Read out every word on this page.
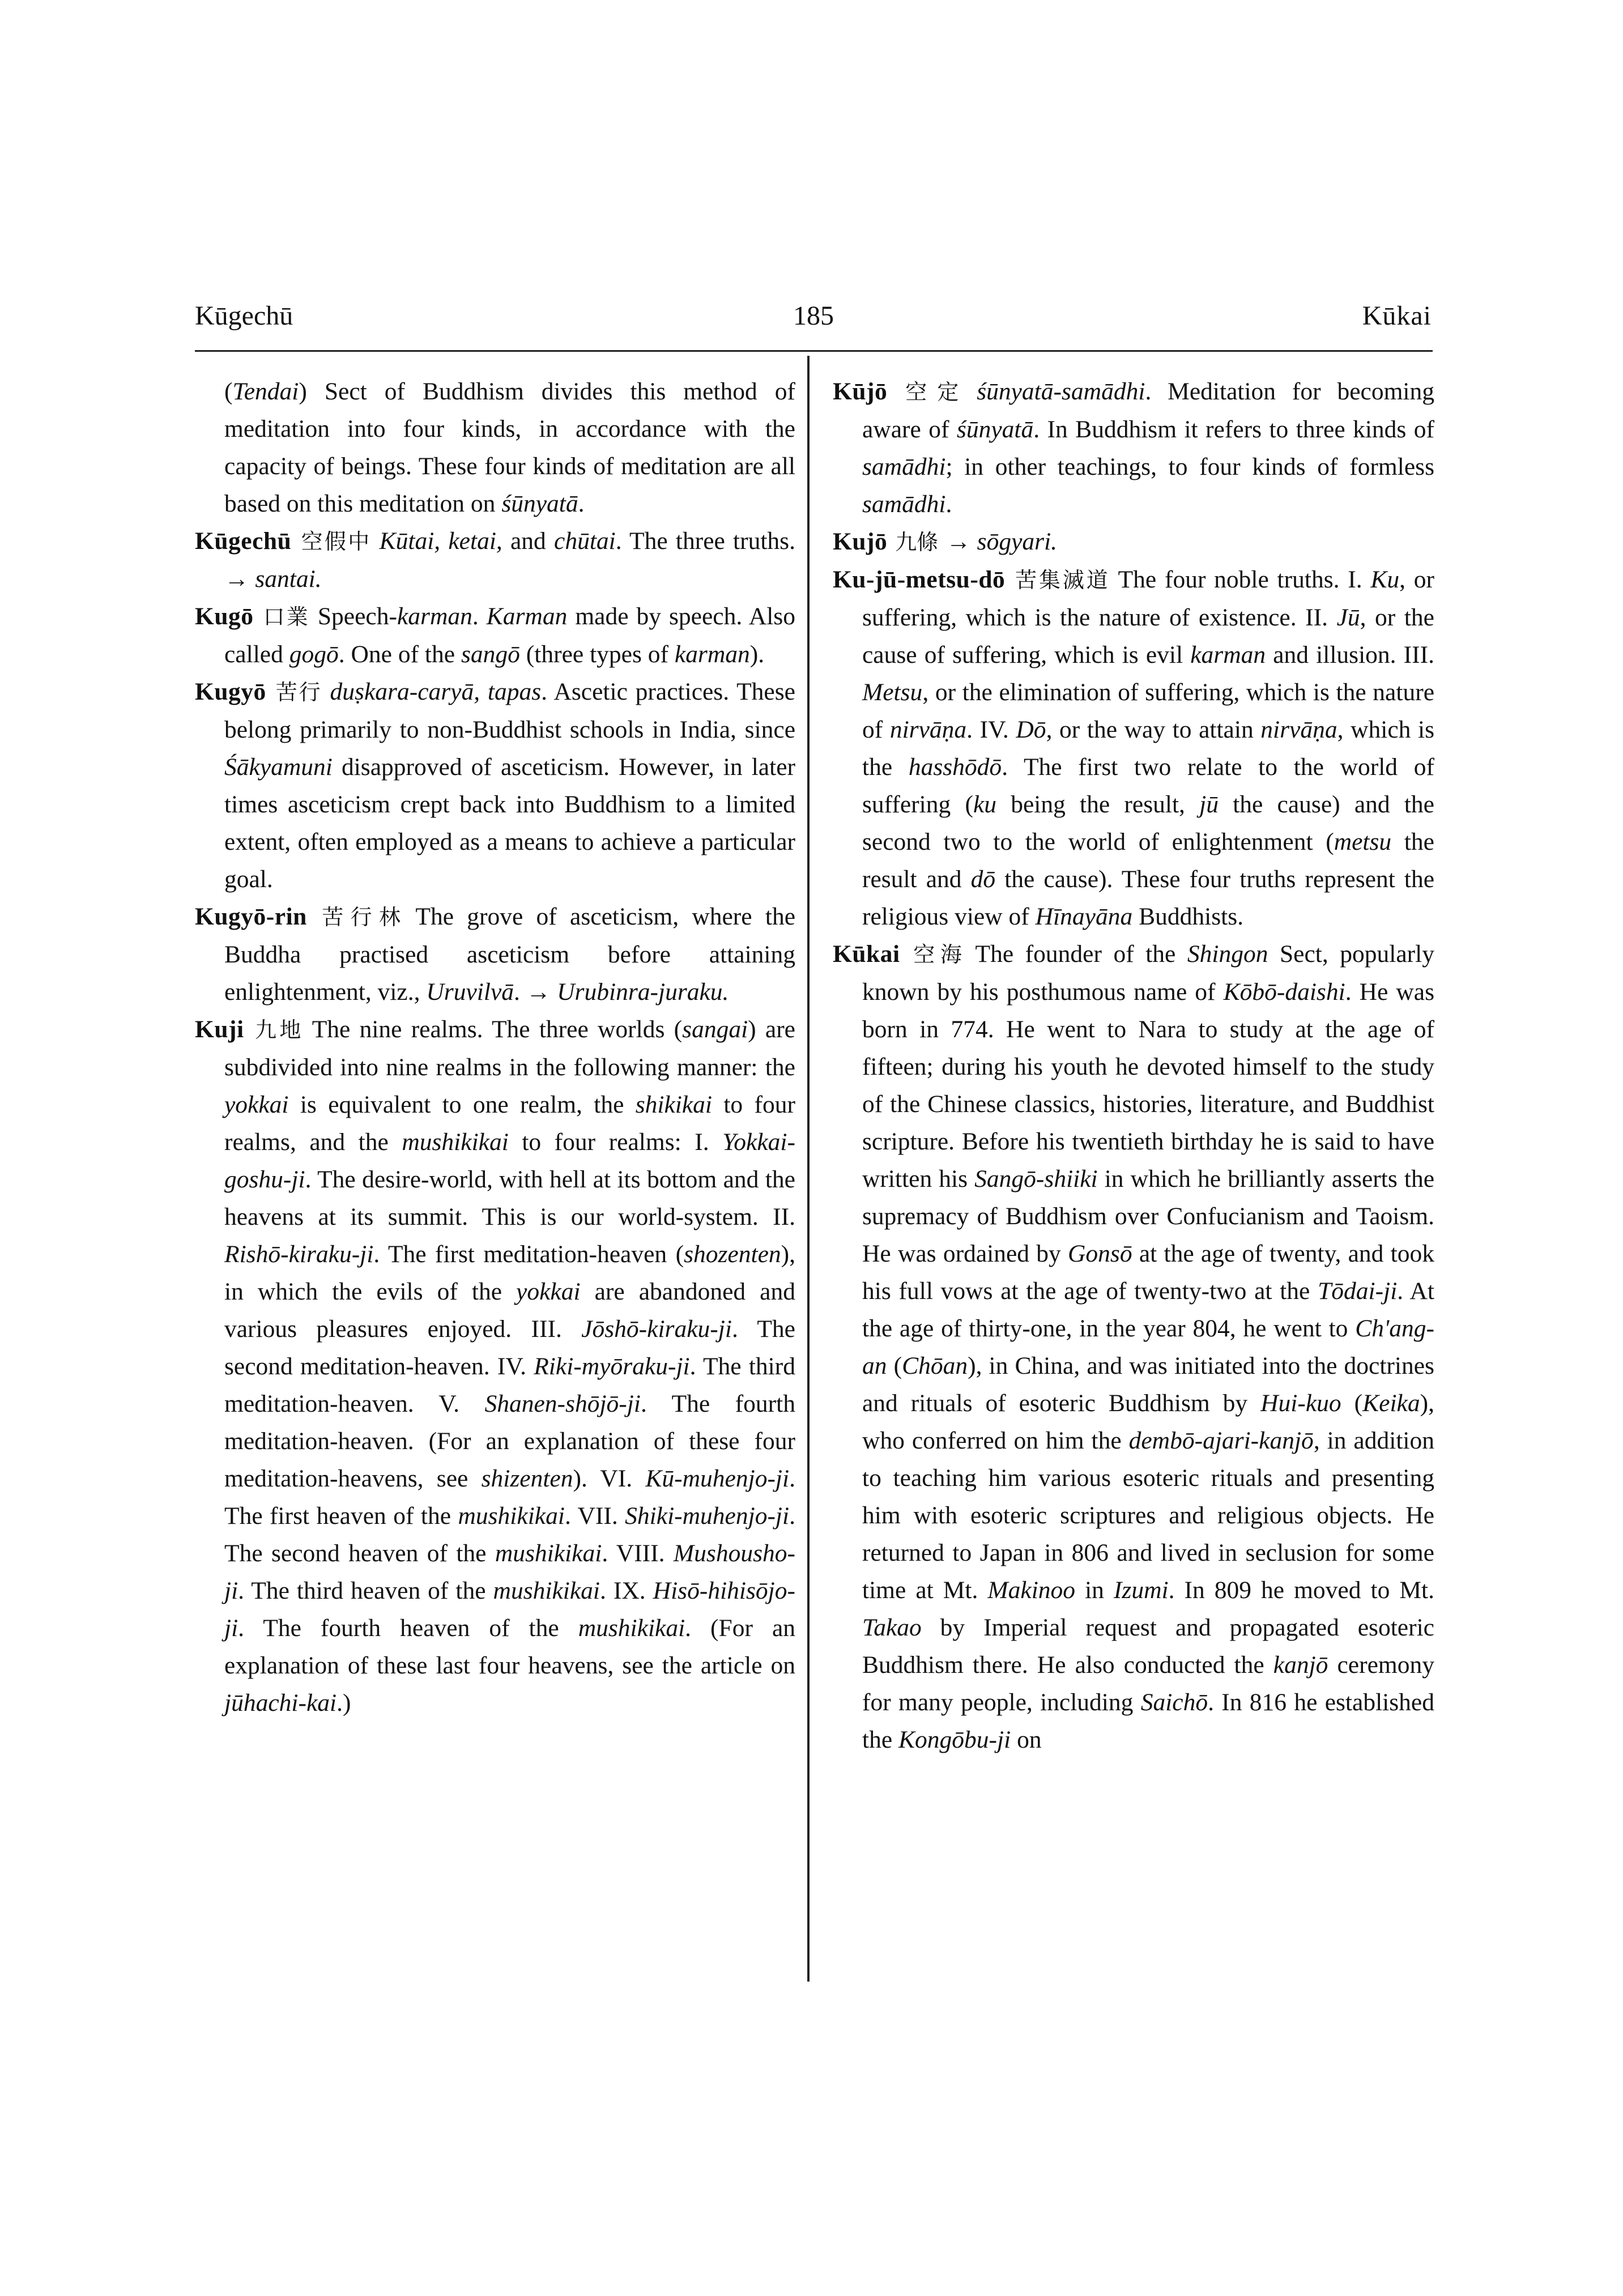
Kūgechū	185	Kūkai

(Tendai) Sect of Buddhism divides this method of meditation into four kinds, in accordance with the capacity of beings. These four kinds of meditation are all based on this meditation on śūnyatā.

Kūgechū 空假中 Kūtai, ketai, and chūtai. The three truths. → santai.

Kugō 口業 Speech-karman. Karman made by speech. Also called gogō. One of the sangō (three types of karman).

Kugyō 苦行 duṣkara-caryā, tapas. Ascetic practices. These belong primarily to non-Buddhist schools in India, since Śākyamuni disapproved of asceticism. However, in later times asceticism crept back into Buddhism to a limited extent, often employed as a means to achieve a particular goal.

Kugyō-rin 苦行林 The grove of asceticism, where the Buddha practised asceticism before attaining enlightenment, viz., Uruvilvā. → Urubinra-juraku.

Kuji 九地 The nine realms. The three worlds (sangai) are subdivided into nine realms in the following manner: the yokkai is equivalent to one realm, the shikikai to four realms, and the mushikikai to four realms: I. Yokkai-goshu-ji. The desire-world, with hell at its bottom and the heavens at its summit. This is our world-system. II. Rishō-kiraku-ji. The first meditation-heaven (shozenten), in which the evils of the yokkai are abandoned and various pleasures enjoyed. III. Jōshō-kiraku-ji. The second meditation-heaven. IV. Riki-myōraku-ji. The third meditation-heaven. V. Shanen-shōjō-ji. The fourth meditation-heaven. (For an explanation of these four meditation-heavens, see shizenten). VI. Kū-muhenjo-ji. The first heaven of the mushikikai. VII. Shiki-muhenjo-ji. The second heaven of the mushikikai. VIII. Mushousho-ji. The third heaven of the mushikikai. IX. Hisō-hihisōjo-ji. The fourth heaven of the mushikikai. (For an explanation of these last four heavens, see the article on jūhachi-kai.)

Kūjō 空定 śūnyatā-samādhi. Meditation for becoming aware of śūnyatā. In Buddhism it refers to three kinds of samādhi; in other teachings, to four kinds of formless samādhi.

Kujō 九條 → sōgyari.

Ku-jū-metsu-dō 苦集滅道 The four noble truths. I. Ku, or suffering, which is the nature of existence. II. Jū, or the cause of suffering, which is evil karman and illusion. III. Metsu, or the elimination of suffering, which is the nature of nirvāṇa. IV. Dō, or the way to attain nirvāṇa, which is the hasshōdō. The first two relate to the world of suffering (ku being the result, jū the cause) and the second two to the world of enlightenment (metsu the result and dō the cause). These four truths represent the religious view of Hīnayāna Buddhists.

Kūkai 空海 The founder of the Shingon Sect, popularly known by his posthumous name of Kōbō-daishi. He was born in 774. He went to Nara to study at the age of fifteen; during his youth he devoted himself to the study of the Chinese classics, histories, literature, and Buddhist scripture. Before his twentieth birthday he is said to have written his Sangō-shiiki in which he brilliantly asserts the supremacy of Buddhism over Confucianism and Taoism. He was ordained by Gonsō at the age of twenty, and took his full vows at the age of twenty-two at the Tōdai-ji. At the age of thirty-one, in the year 804, he went to Ch'ang-an (Chōan), in China, and was initiated into the doctrines and rituals of esoteric Buddhism by Hui-kuo (Keika), who conferred on him the dembō-ajari-kanjō, in addition to teaching him various esoteric rituals and presenting him with esoteric scriptures and religious objects. He returned to Japan in 806 and lived in seclusion for some time at Mt. Makinoo in Izumi. In 809 he moved to Mt. Takao by Imperial request and propagated esoteric Buddhism there. He also conducted the kanjō ceremony for many people, including Saichō. In 816 he established the Kongōbu-ji on
